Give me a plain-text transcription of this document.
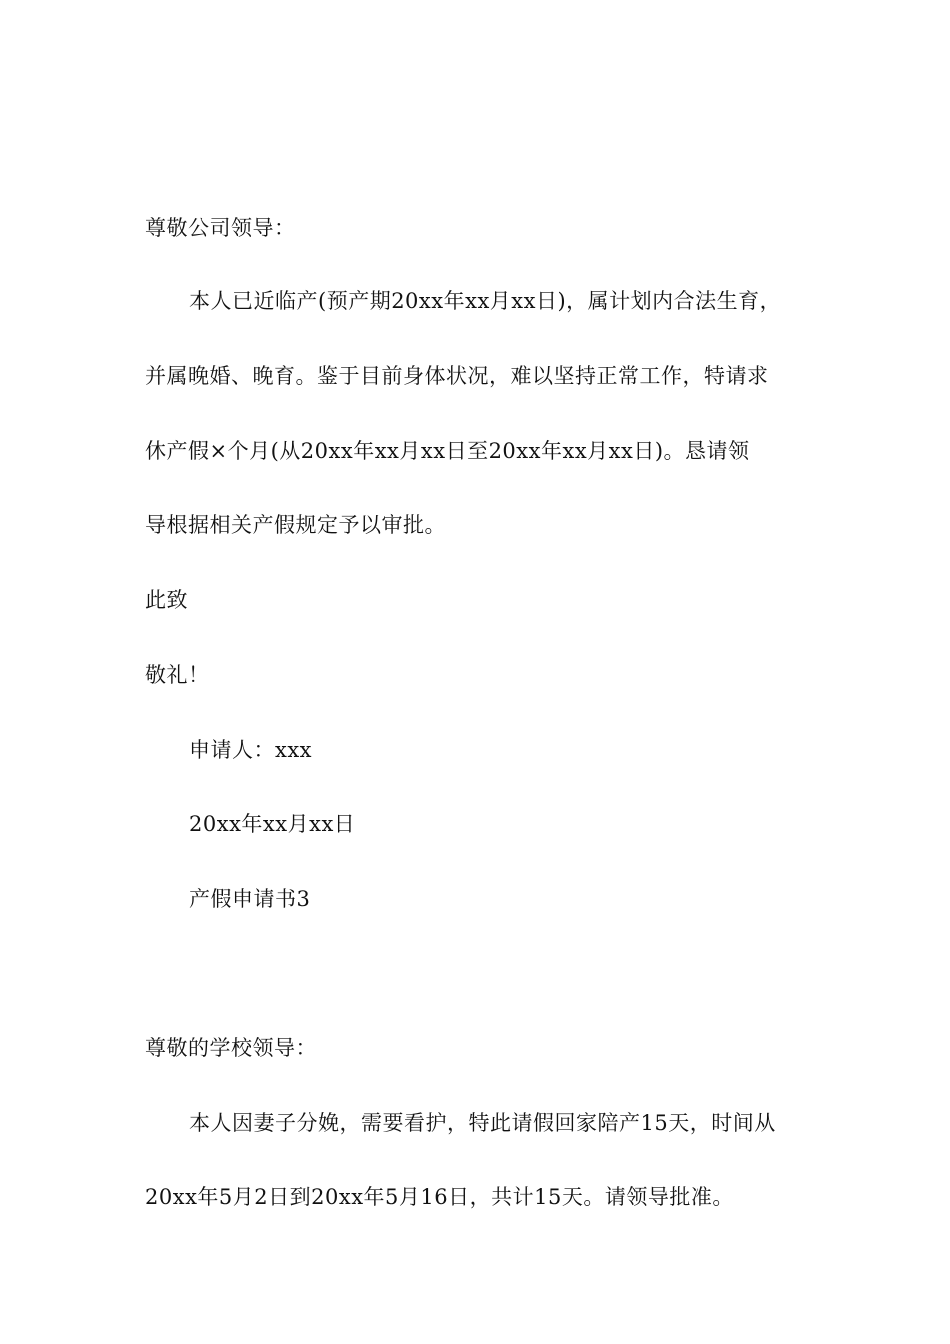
尊敬公司领导：
本人已近临产(预产期20xx年xx月xx日)，属计划内合法生育，
并属晚婚、晚育。鉴于目前身体状况，难以坚持正常工作，特请求
休产假×个月(从20xx年xx月xx日至20xx年xx月xx日)。恳请领
导根据相关产假规定予以审批。
此致
敬礼！
申请人：xxx
20xx年xx月xx日
产假申请书3
尊敬的学校领导：
本人因妻子分娩，需要看护，特此请假回家陪产15天，时间从
20xx年5月2日到20xx年5月16日，共计15天。请领导批准。
